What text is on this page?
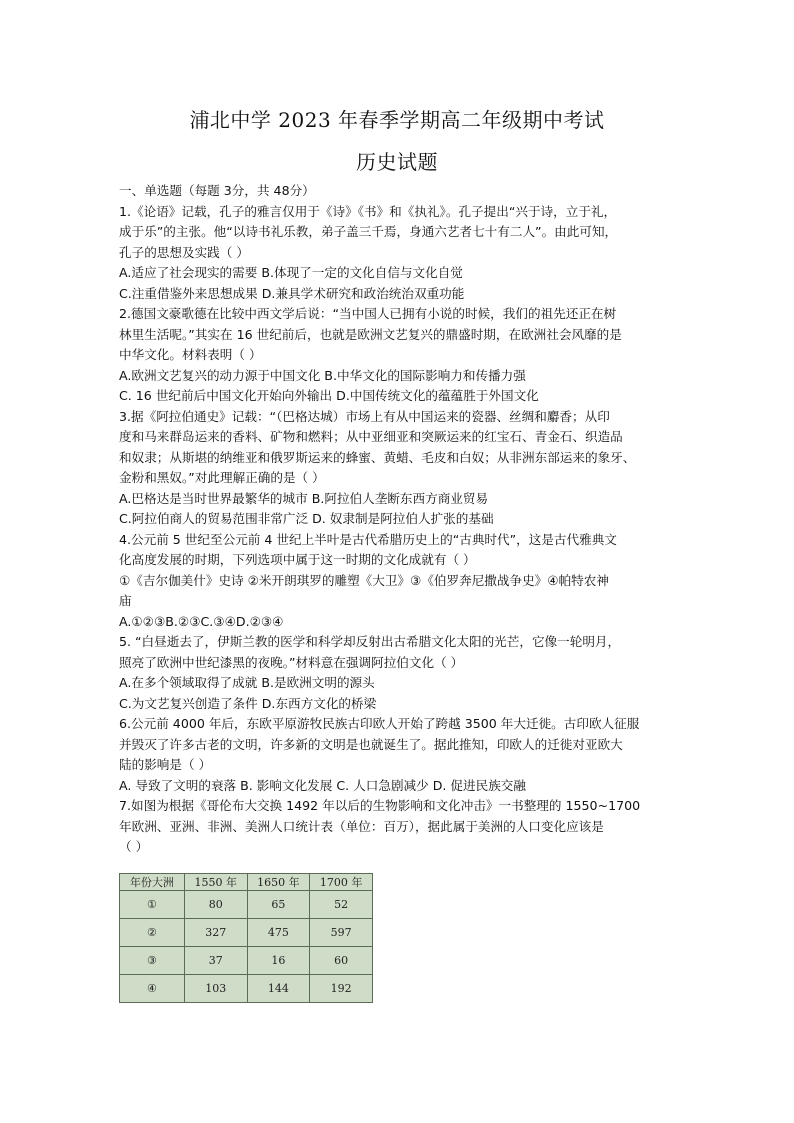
浦北中学 2023 年春季学期高二年级期中考试
历史试题
一、单选题（每题 3分，共 48分）
1.《论语》记载，孔子的雅言仅用于《诗》《书》和《执礼》。孔子提出“兴于诗，立于礼，
成于乐”的主张。他“以诗书礼乐教，弟子盖三千焉，身通六艺者七十有二人”。由此可知，
孔子的思想及实践（ ）
A.适应了社会现实的需要 B.体现了一定的文化自信与文化自觉
C.注重借鉴外来思想成果 D.兼具学术研究和政治统治双重功能
2.德国文豪歌德在比较中西文学后说：“当中国人已拥有小说的时候，我们的祖先还正在树
林里生活呢。”其实在 16 世纪前后，也就是欧洲文艺复兴的鼎盛时期，在欧洲社会风靡的是
中华文化。材料表明（ ）
A.欧洲文艺复兴的动力源于中国文化 B.中华文化的国际影响力和传播力强
C. 16 世纪前后中国文化开始向外输出 D.中国传统文化的蕴蕴胜于外国文化
3.据《阿拉伯通史》记载：“（巴格达城）市场上有从中国运来的瓷器、丝绸和麝香；从印
度和马来群岛运来的香料、矿物和燃料；从中亚细亚和突厥运来的红宝石、青金石、织造品
和奴隶；从斯堪的纳维亚和俄罗斯运来的蜂蜜、黄蜡、毛皮和白奴；从非洲东部运来的象牙、
金粉和黑奴。”对此理解正确的是（ ）
A.巴格达是当时世界最繁华的城市 B.阿拉伯人垄断东西方商业贸易
C.阿拉伯商人的贸易范围非常广泛 D. 奴隶制是阿拉伯人扩张的基础
4.公元前 5 世纪至公元前 4 世纪上半叶是古代希腊历史上的“古典时代”，这是古代雅典文
化高度发展的时期，下列选项中属于这一时期的文化成就有（ ）
①《吉尔伽美什》史诗 ②米开朗琪罗的雕塑《大卫》③《伯罗奔尼撒战争史》④帕特农神
庙
A.①②③B.②③C.③④D.②③④
5. “白昼逝去了，伊斯兰教的医学和科学却反射出古希腊文化太阳的光芒，它像一轮明月，
照亮了欧洲中世纪漆黑的夜晚。”材料意在强调阿拉伯文化（ ）
A.在多个领域取得了成就 B.是欧洲文明的源头
C.为文艺复兴创造了条件 D.东西方文化的桥梁
6.公元前 4000 年后，东欧平原游牧民族古印欧人开始了跨越 3500 年大迁徙。古印欧人征服
并毁灭了许多古老的文明，许多新的文明是也就诞生了。据此推知，印欧人的迁徙对亚欧大
陆的影响是（ ）
A. 导致了文明的衰落 B. 影响文化发展 C. 人口急剧减少 D. 促进民族交融
7.如图为根据《哥伦布大交换 1492 年以后的生物影响和文化冲击》一书整理的 1550~1700
年欧洲、亚洲、非洲、美洲人口统计表（单位：百万），据此属于美洲的人口变化应该是
（ ）
年份大洲	1550 年	1650 年	1700 年
①	80	65	52
②	327	475	597
③	37	16	60
④	103	144	192
